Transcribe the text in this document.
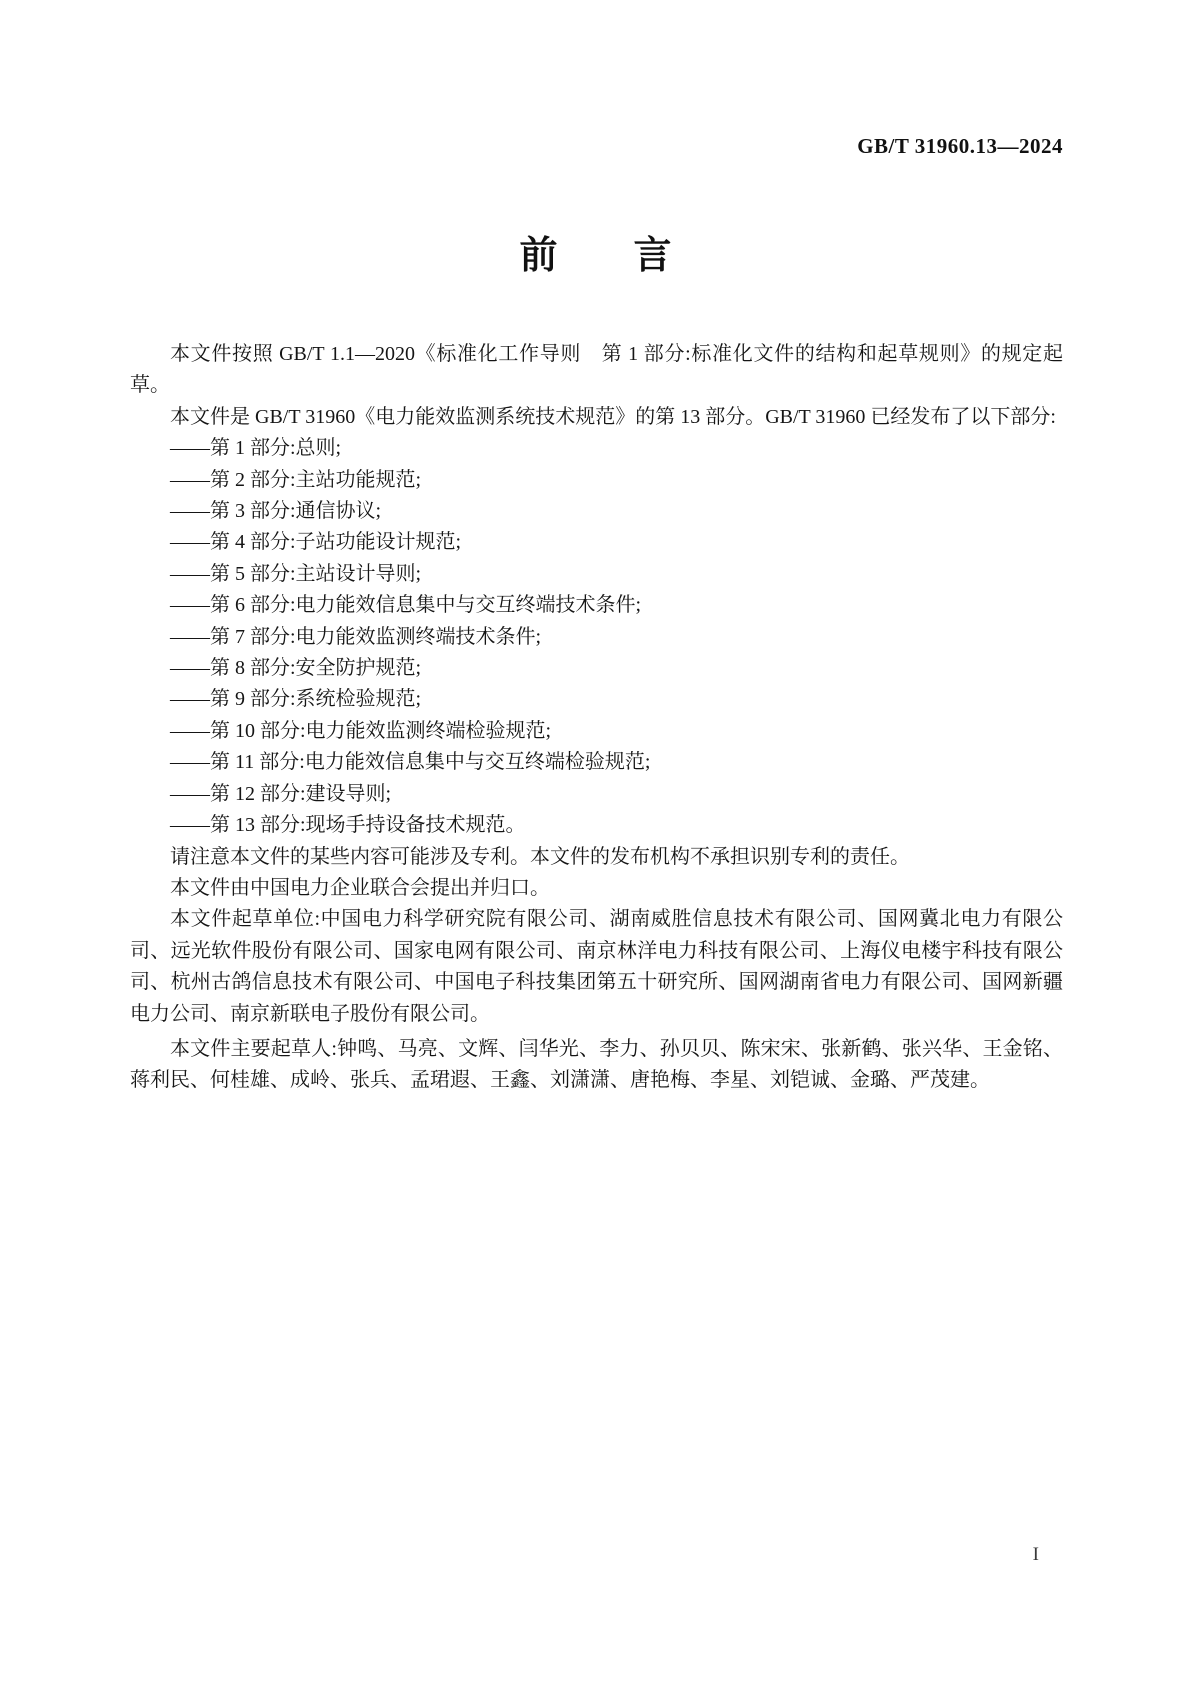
GB/T 31960.13—2024
前　　言

本文件按照 GB/T 1.1—2020《标准化工作导则　第 1 部分:标准化文件的结构和起草规则》的规定起草。

本文件是 GB/T 31960《电力能效监测系统技术规范》的第 13 部分。GB/T 31960 已经发布了以下部分:

——第 1 部分:总则;

——第 2 部分:主站功能规范;

——第 3 部分:通信协议;

——第 4 部分:子站功能设计规范;

——第 5 部分:主站设计导则;

——第 6 部分:电力能效信息集中与交互终端技术条件;

——第 7 部分:电力能效监测终端技术条件;

——第 8 部分:安全防护规范;

——第 9 部分:系统检验规范;

——第 10 部分:电力能效监测终端检验规范;

——第 11 部分:电力能效信息集中与交互终端检验规范;

——第 12 部分:建设导则;

——第 13 部分:现场手持设备技术规范。

请注意本文件的某些内容可能涉及专利。本文件的发布机构不承担识别专利的责任。

本文件由中国电力企业联合会提出并归口。

本文件起草单位:中国电力科学研究院有限公司、湖南威胜信息技术有限公司、国网冀北电力有限公司、远光软件股份有限公司、国家电网有限公司、南京林洋电力科技有限公司、上海仪电楼宇科技有限公司、杭州古鸽信息技术有限公司、中国电子科技集团第五十研究所、国网湖南省电力有限公司、国网新疆电力公司、南京新联电子股份有限公司。

本文件主要起草人:钟鸣、马亮、文辉、闫华光、李力、孙贝贝、陈宋宋、张新鹤、张兴华、王金铭、蒋利民、何桂雄、成岭、张兵、孟珺遐、王鑫、刘潇潇、唐艳梅、李星、刘铠诚、金璐、严茂建。

I
